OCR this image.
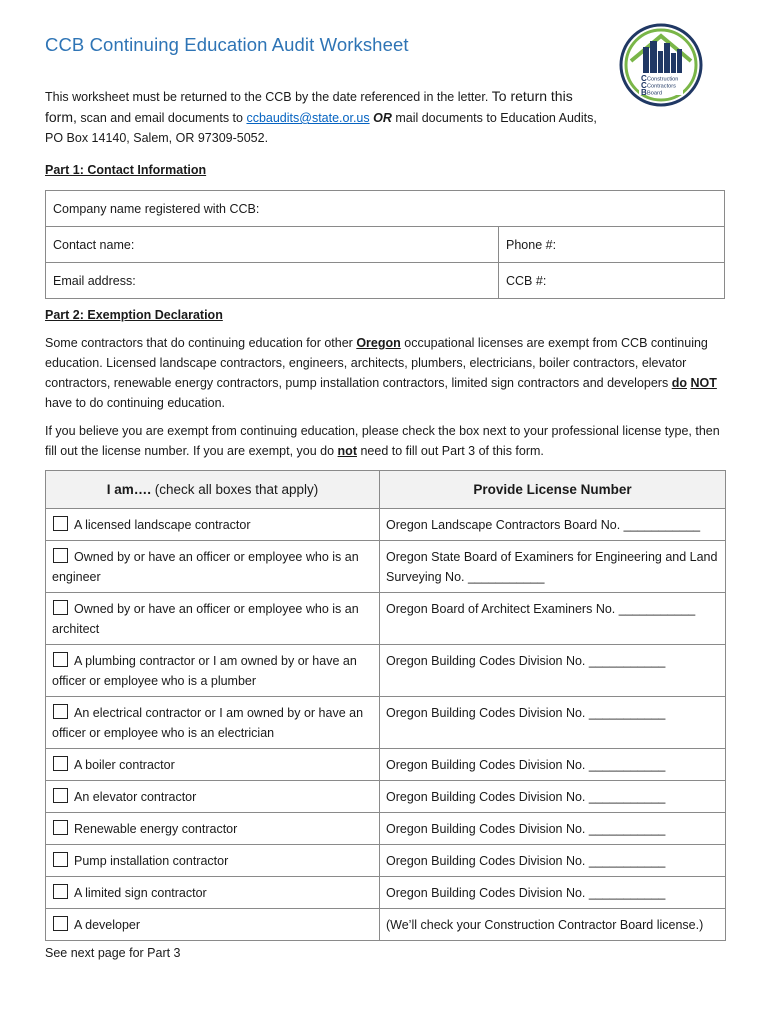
CCB Continuing Education Audit Worksheet
C
C
B
Construction
Contractors
Board
This worksheet must be returned to the CCB by the date referenced in the letter. To return this form, scan and email documents to ccbaudits@state.or.us OR mail documents to Education Audits, PO Box 14140, Salem, OR 97309-5052.
Part 1: Contact Information
Company name registered with CCB:	
Contact name:	Phone #:
Email address:	CCB #:
Part 2: Exemption Declaration
Some contractors that do continuing education for other Oregon occupational licenses are exempt from CCB continuing education. Licensed landscape contractors, engineers, architects, plumbers, electricians, boiler contractors, elevator contractors, renewable energy contractors, pump installation contractors, limited sign contractors and developers do NOT have to do continuing education.
If you believe you are exempt from continuing education, please check the box next to your professional license type, then fill out the license number. If you are exempt, you do not need to fill out Part 3 of this form.
I am…. (check all boxes that apply)	Provide License Number
A licensed landscape contractor	Oregon Landscape Contractors Board No. ___________
Owned by or have an officer or employee who is an engineer	Oregon State Board of Examiners for Engineering and Land Surveying No. ___________
Owned by or have an officer or employee who is an architect	Oregon Board of Architect Examiners No. ___________
A plumbing contractor or I am owned by or have an officer or employee who is a plumber	Oregon Building Codes Division No. ___________
An electrical contractor or I am owned by or have an officer or employee who is an electrician	Oregon Building Codes Division No. ___________
A boiler contractor	Oregon Building Codes Division No. ___________
An elevator contractor	Oregon Building Codes Division No. ___________
Renewable energy contractor	Oregon Building Codes Division No. ___________
Pump installation contractor	Oregon Building Codes Division No. ___________
A limited sign contractor	Oregon Building Codes Division No. ___________
A developer	(We’ll check your Construction Contractor Board license.)
See next page for Part 3
